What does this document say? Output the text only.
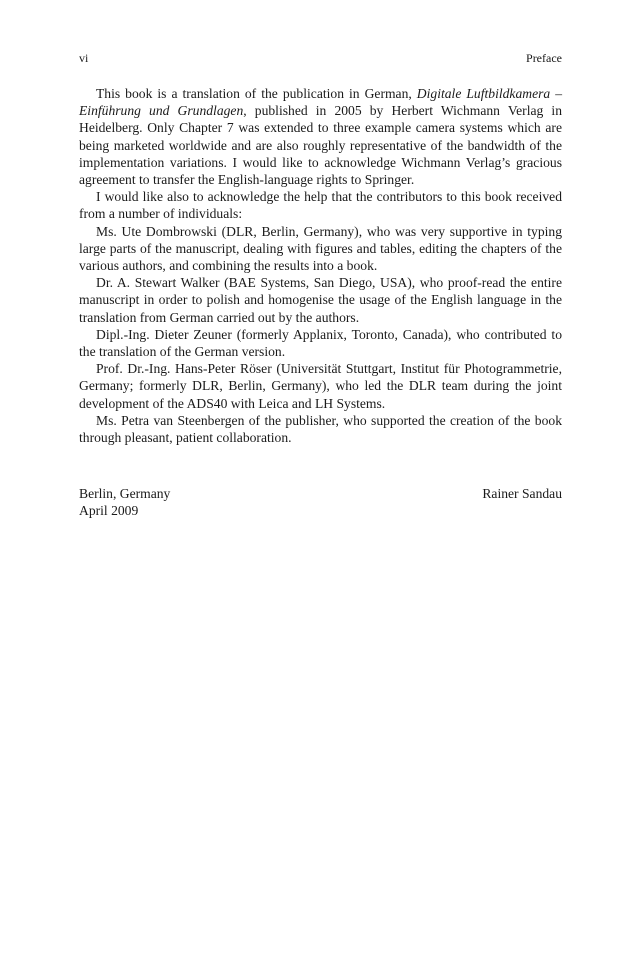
vi	Preface

This book is a translation of the publication in German, Digitale Luftbildkamera – Einführung und Grundlagen, published in 2005 by Herbert Wichmann Verlag in Heidelberg. Only Chapter 7 was extended to three example camera systems which are being marketed worldwide and are also roughly representative of the bandwidth of the implementation variations. I would like to acknowledge Wichmann Verlag’s gracious agreement to transfer the English-language rights to Springer.

I would like also to acknowledge the help that the contributors to this book received from a number of individuals:

Ms. Ute Dombrowski (DLR, Berlin, Germany), who was very supportive in typing large parts of the manuscript, dealing with figures and tables, editing the chapters of the various authors, and combining the results into a book.

Dr. A. Stewart Walker (BAE Systems, San Diego, USA), who proof-read the entire manuscript in order to polish and homogenise the usage of the English language in the translation from German carried out by the authors.

Dipl.-Ing. Dieter Zeuner (formerly Applanix, Toronto, Canada), who contributed to the translation of the German version.

Prof. Dr.-Ing. Hans-Peter Röser (Universität Stuttgart, Institut für Photogrammetrie, Germany; formerly DLR, Berlin, Germany), who led the DLR team during the joint development of the ADS40 with Leica and LH Systems.

Ms. Petra van Steenbergen of the publisher, who supported the creation of the book through pleasant, patient collaboration.

Berlin, Germany	Rainer Sandau
April 2009
